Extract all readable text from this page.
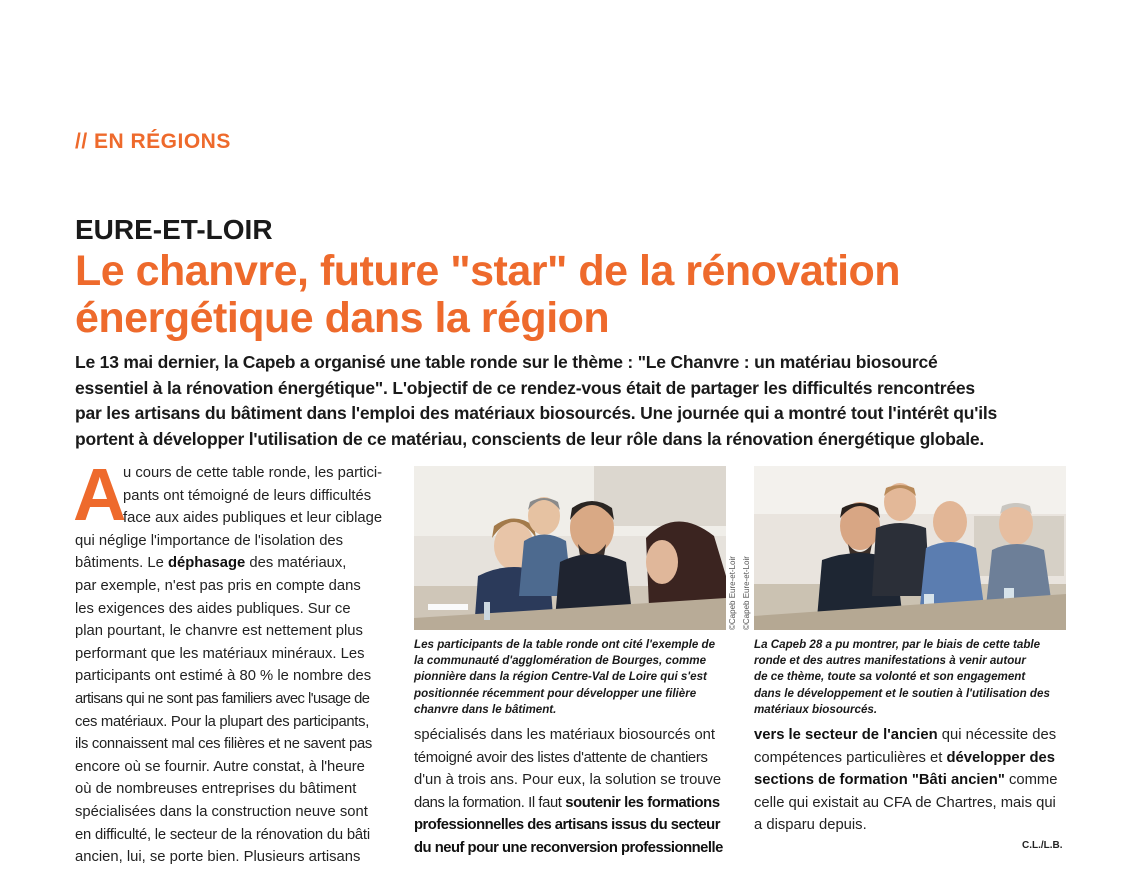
// EN RÉGIONS
EURE-ET-LOIR
Le chanvre, future "star" de la rénovation
énergétique dans la région
Le 13 mai dernier, la Capeb a organisé une table ronde sur le thème : "Le Chanvre : un matériau biosourcé
essentiel à la rénovation énergétique". L'objectif de ce rendez-vous était de partager les difficultés rencontrées
par les artisans du bâtiment dans l'emploi des matériaux biosourcés. Une journée qui a montré tout l'intérêt qu'ils
portent à développer l'utilisation de ce matériau, conscients de leur rôle dans la rénovation énergétique globale.
A
u cours de cette table ronde, les partici-
pants ont témoigné de leurs difficultés
face aux aides publiques et leur ciblage
qui néglige l'importance de l'isolation des
bâtiments. Le déphasage des matériaux,
par exemple, n'est pas pris en compte dans
les exigences des aides publiques. Sur ce
plan pourtant, le chanvre est nettement plus
performant que les matériaux minéraux. Les
participants ont estimé à 80 % le nombre des
artisans qui ne sont pas familiers avec l'usage de
ces matériaux. Pour la plupart des participants,
ils connaissent mal ces filières et ne savent pas
encore où se fournir. Autre constat, à l'heure
où de nombreuses entreprises du bâtiment
spécialisées dans la construction neuve sont
en difficulté, le secteur de la rénovation du bâti
ancien, lui, se porte bien. Plusieurs artisans
©Capeb Eure-et-Loir ©Capeb Eure-et-Loir
Les participants de la table ronde ont cité l'exemple de
la communauté d'agglomération de Bourges, comme
pionnière dans la région Centre-Val de Loire qui s'est
positionnée récemment pour développer une filière
chanvre dans le bâtiment.
La Capeb 28 a pu montrer, par le biais de cette table
ronde et des autres manifestations à venir autour
de ce thème, toute sa volonté et son engagement
dans le développement et le soutien à l'utilisation des
matériaux biosourcés.
spécialisés dans les matériaux biosourcés ont
témoigné avoir des listes d'attente de chantiers
d'un à trois ans. Pour eux, la solution se trouve
dans la formation. Il faut soutenir les formations
professionnelles des artisans issus du secteur
du neuf pour une reconversion professionnelle
vers le secteur de l'ancien qui nécessite des
compétences particulières et développer des
sections de formation "Bâti ancien" comme
celle qui existait au CFA de Chartres, mais qui
a disparu depuis.
C.L./L.B.
